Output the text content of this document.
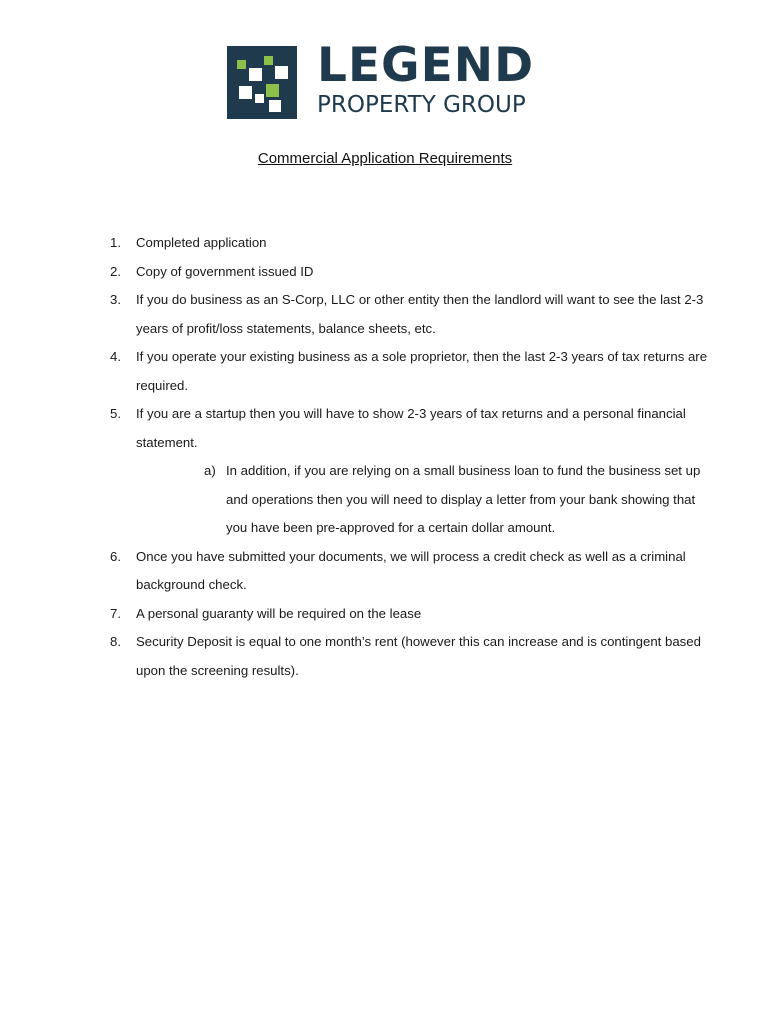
LEGEND
PROPERTY GROUP
Commercial Application Requirements
1.	Completed application
2.	Copy of government issued ID
3.	If you do business as an S-Corp, LLC or other entity then the landlord will want to see the last 2-3 years of profit/loss statements, balance sheets, etc.
4.	If you operate your existing business as a sole proprietor, then the last 2-3 years of tax returns are required.
5.	If you are a startup then you will have to show 2-3 years of tax returns and a personal financial statement.
a) In addition, if you are relying on a small business loan to fund the business set up and operations then you will need to display a letter from your bank showing that you have been pre-approved for a certain dollar amount.
6.	Once you have submitted your documents, we will process a credit check as well as a criminal background check.
7.	A personal guaranty will be required on the lease
8.	Security Deposit is equal to one month’s rent (however this can increase and is contingent based upon the screening results).
